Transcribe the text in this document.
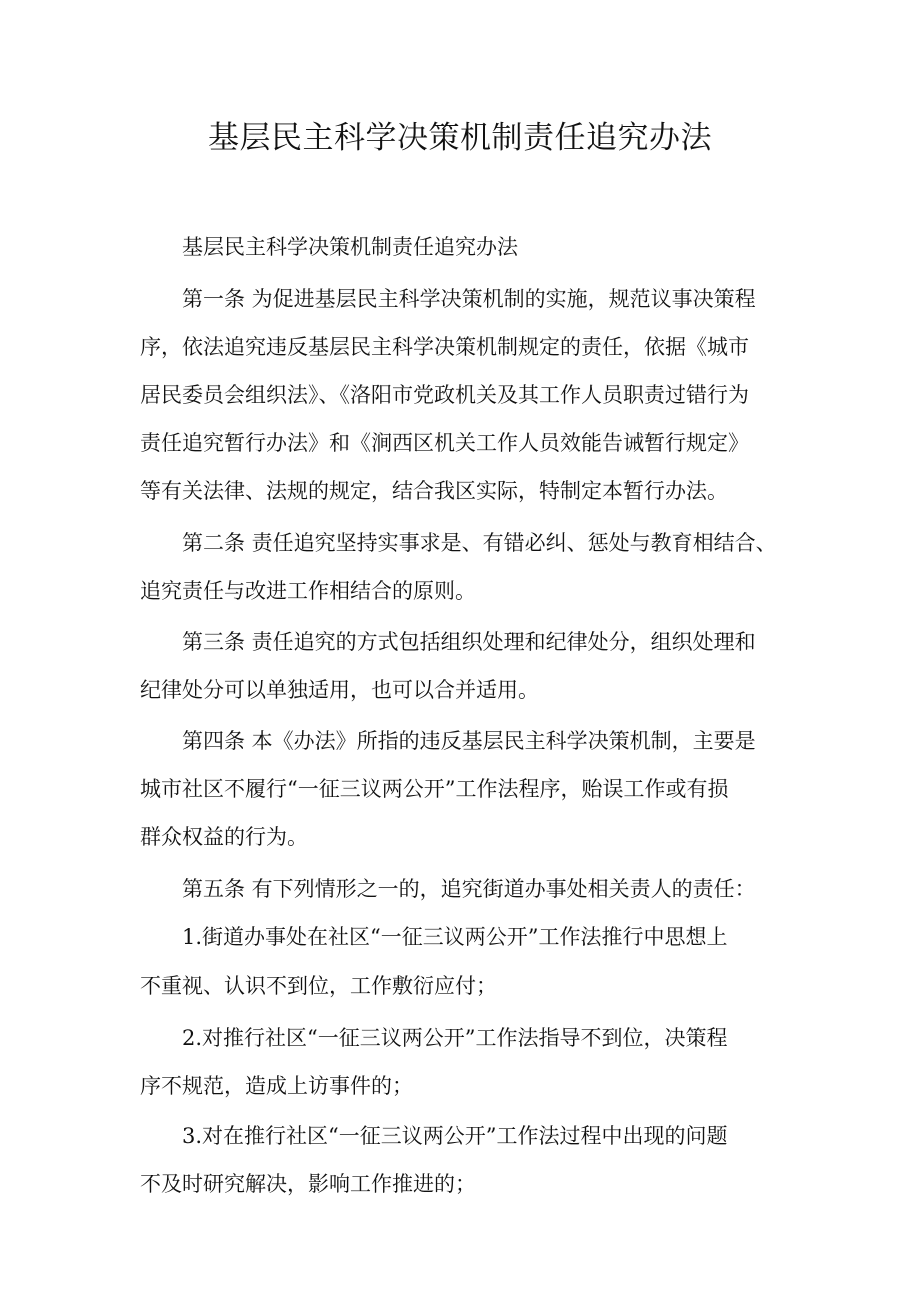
基层民主科学决策机制责任追究办法

基层民主科学决策机制责任追究办法

第一条 为促进基层民主科学决策机制的实施，规范议事决策程

序，依法追究违反基层民主科学决策机制规定的责任，依据《城市

居民委员会组织法》、《洛阳市党政机关及其工作人员职责过错行为

责任追究暂行办法》和《涧西区机关工作人员效能告诫暂行规定》

等有关法律、法规的规定，结合我区实际，特制定本暂行办法。

第二条 责任追究坚持实事求是、有错必纠、惩处与教育相结合、

追究责任与改进工作相结合的原则。

第三条 责任追究的方式包括组织处理和纪律处分，组织处理和

纪律处分可以单独适用，也可以合并适用。

第四条 本《办法》所指的违反基层民主科学决策机制，主要是

城市社区不履行“一征三议两公开”工作法程序，贻误工作或有损

群众权益的行为。

第五条 有下列情形之一的，追究街道办事处相关责人的责任：

1.街道办事处在社区“一征三议两公开”工作法推行中思想上

不重视、认识不到位，工作敷衍应付；

2.对推行社区“一征三议两公开”工作法指导不到位，决策程

序不规范，造成上访事件的；

3.对在推行社区“一征三议两公开”工作法过程中出现的问题

不及时研究解决，影响工作推进的；
